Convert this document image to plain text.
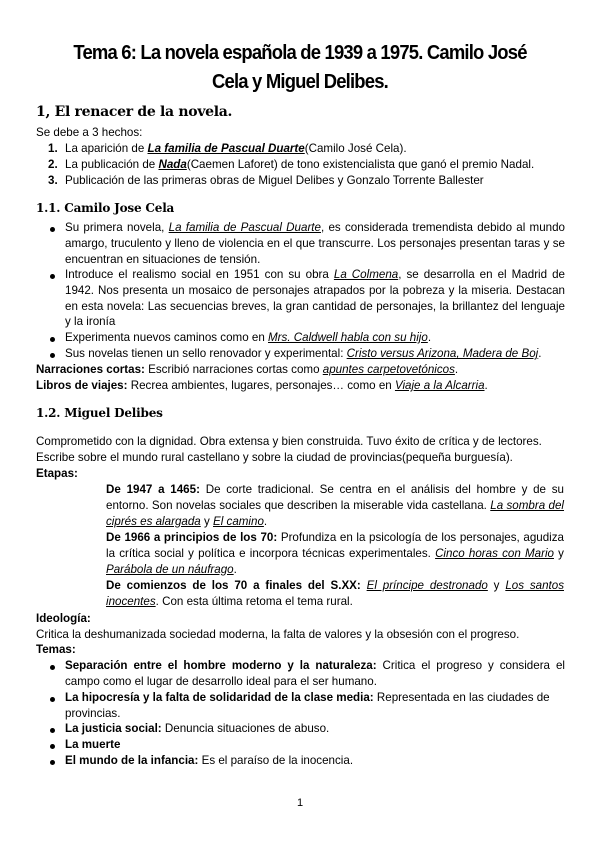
Tema 6: La novela española de 1939 a 1975. Camilo José Cela y Miguel Delibes.
1, El renacer de la novela.
Se debe a 3 hechos:
1. La aparición de La familia de Pascual Duarte(Camilo José Cela).
2. La publicación de Nada(Caemen Laforet) de tono existencialista que ganó el premio Nadal.
3. Publicación de las primeras obras de Miguel Delibes y Gonzalo Torrente Ballester
1.1. Camilo Jose Cela
Su primera novela, La familia de Pascual Duarte, es considerada tremendista debido al mundo amargo, truculento y lleno de violencia en el que transcurre. Los personajes presentan taras y se encuentran en situaciones de tensión.
Introduce el realismo social en 1951 con su obra La Colmena, se desarrolla en el Madrid de 1942. Nos presenta un mosaico de personajes atrapados por la pobreza y la miseria. Destacan en esta novela: Las secuencias breves, la gran cantidad de personajes, la brillantez del lenguaje y la ironía
Experimenta nuevos caminos como en Mrs. Caldwell habla con su hijo.
Sus novelas tienen un sello renovador y experimental: Cristo versus Arizona, Madera de Boj.
Narraciones cortas: Escribió narraciones cortas como apuntes carpetovetónicos.
Libros de viajes: Recrea ambientes, lugares, personajes… como en Viaje a la Alcarria.
1.2. Miguel Delibes
Comprometido con la dignidad. Obra extensa y bien construida. Tuvo éxito de crítica y de lectores. Escribe sobre el mundo rural castellano y sobre la ciudad de provincias(pequeña burguesía).
Etapas:
De 1947 a 1465: De corte tradicional. Se centra en el análisis del hombre y de su entorno. Son novelas sociales que describen la miserable vida castellana. La sombra del ciprés es alargada y El camino.
De 1966 a principios de los 70: Profundiza en la psicología de los personajes, agudiza la crítica social y política e incorpora técnicas experimentales. Cinco horas con Mario y Parábola de un náufrago.
De comienzos de los 70 a finales del S.XX: El príncipe destronado y Los santos inocentes. Con esta última retoma el tema rural.
Ideología:
Critica la deshumanizada sociedad moderna, la falta de valores y la obsesión con el progreso.
Temas:
Separación entre el hombre moderno y la naturaleza: Critica el progreso y considera el campo como el lugar de desarrollo ideal para el ser humano.
La hipocresía y la falta de solidaridad de la clase media: Representada en las ciudades de provincias.
La justicia social: Denuncia situaciones de abuso.
La muerte
El mundo de la infancia: Es el paraíso de la inocencia.
1
